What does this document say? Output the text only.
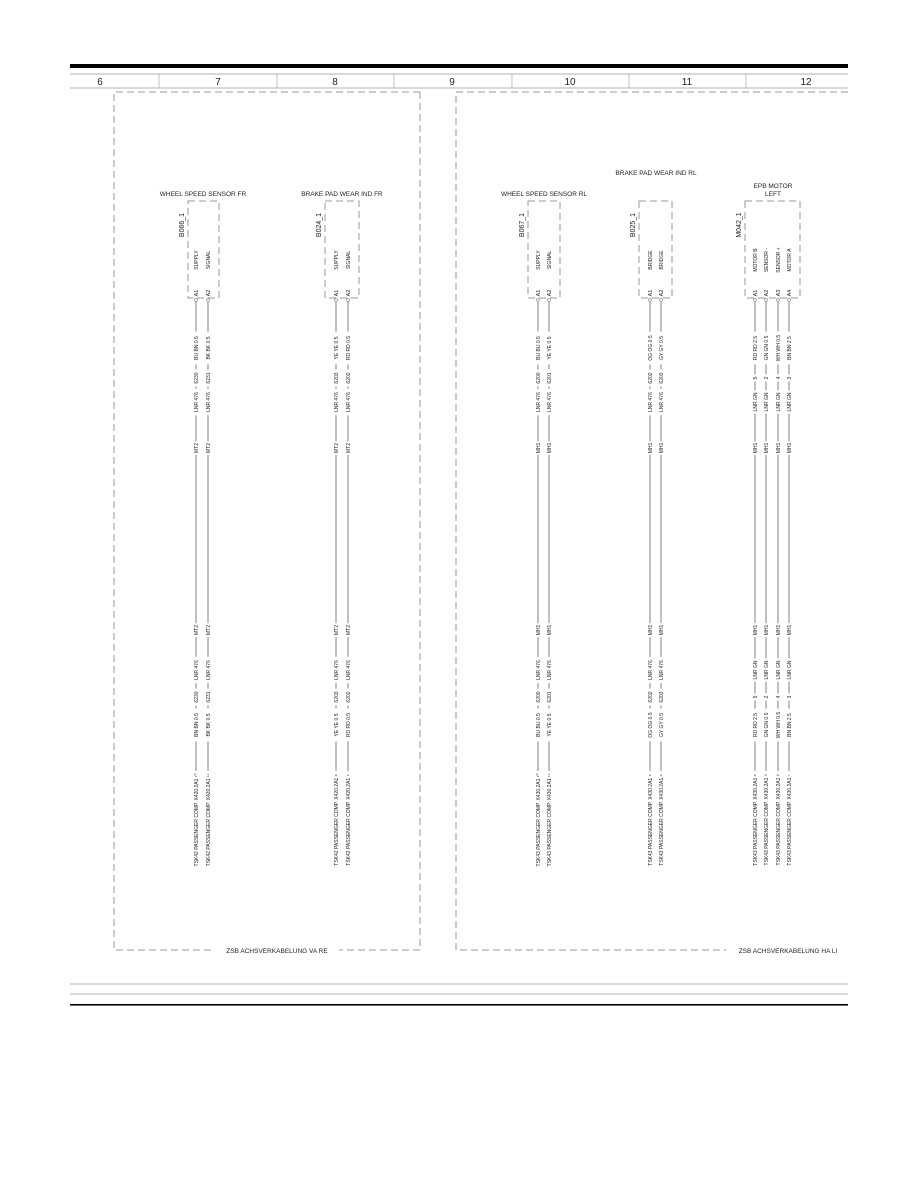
6	7	8	9	10	11	12
ZSB ACHSVERKABELUNG VA RE	ZSB ACHSVERKABELUNG HA LI
BRAKE PAD WEAR IND RL
WHEEL SPEED SENSOR FR
B066_1
SUPPLY
A1
SIGNAL
A2
BU BN 0.5
6230
LNR 476
MT2
MT2
LNR 476
6230
BN BN 0.5
TSK42 PASSENGER COMP. X420.2A1 ¹⁰
BK BK 0.5
6231
LNR 476
MT2
MT2
LNR 476
6231
BK BK 0.5
TSK42 PASSENGER COMP. X420.2A1 ¹¹
BRAKE PAD WEAR IND FR
B024_1
SUPPLY
A1
SIGNAL
A2
YE YE 0.5
6203
LNR 476
MT2
MT2
LNR 476
6203
YE YE 0.5
TSK42 PASSENGER COMP. X420.2A1 ⁸
RD RD 0.5
6202
LNR 476
MT2
MT2
LNR 476
6202
RD RD 0.5
TSK42 PASSENGER COMP. X420.2A1 ⁹
WHEEL SPEED SENSOR RL
B067_1
SUPPLY
A1
SIGNAL
A2
BU BU 0.5
6200
LNR 476
MH1
MH1
LNR 476
6200
BU BU 0.5
TSK43 PASSENGER COMP. X430.2A1 ¹⁰
YE YE 0.5
6201
LNR 476
MH1
MH1
LNR 476
6201
YE YE 0.5
TSK43 PASSENGER COMP. X430.2A1 ¹¹
B025_1
BRIDGE
A1
BRIDGE
A2
OG OG 0.5
6202
LNR 476
MH1
MH1
LNR 476
6202
OG OG 0.5
TSK43 PASSENGER COMP. X430.2A1 ⁸
GY GY 0.5
6203
LNR 476
MH1
MH1
LNR 476
6203
GY GY 0.5
TSK43 PASSENGER COMP. X430.2A1 ⁹
EPB MOTOR
LEFT
M042_1
MOTOR B
A1
SENSOR -
A2
SENSOR +
A3
MOTOR A
A4
RD RD 2.5
5
LNR GN
MH1
MH1
LNR GN
5
RD RD 2.5
TSK43 PASSENGER COMP. X430.2A1 ⁶
GN GN 0.5
2
LNR GN
MH1
MH1
LNR GN
2
GN GN 0.5
TSK43 PASSENGER COMP. X430.2A1 ³
WH WH 0.5
4
LNR GN
MH1
MH1
LNR GN
4
WH WH 0.5
TSK43 PASSENGER COMP. X430.2A1 ²
BN BN 2.5
3
LNR GN
MH1
MH1
LNR GN
3
BN BN 2.5
TSK43 PASSENGER COMP. X430.2A1 ⁷
